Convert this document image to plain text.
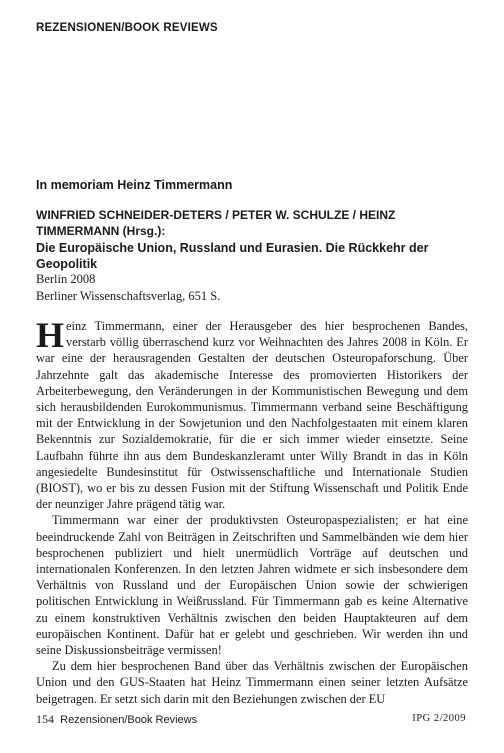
REZENSIONEN/BOOK REVIEWS
In memoriam Heinz Timmermann
WINFRIED SCHNEIDER-DETERS / PETER W. SCHULZE / HEINZ TIMMERMANN (Hrsg.):
Die Europäische Union, Russland und Eurasien. Die Rückkehr der Geopolitik
Berlin 2008
Berliner Wissenschaftsverlag, 651 S.

Heinz Timmermann, einer der Herausgeber des hier besprochenen Bandes, verstarb völlig überraschend kurz vor Weihnachten des Jahres 2008 in Köln. Er war eine der herausragenden Gestalten der deutschen Osteuropaforschung. Über Jahrzehnte galt das akademische Interesse des promovierten Historikers der Arbeiterbewegung, den Veränderungen in der Kommunistischen Bewegung und dem sich herausbildenden Eurokommunismus. Timmermann verband seine Beschäftigung mit der Entwicklung in der Sowjetunion und den Nachfolgestaaten mit einem klaren Bekenntnis zur Sozialdemokratie, für die er sich immer wieder einsetzte. Seine Laufbahn führte ihn aus dem Bundeskanzleramt unter Willy Brandt in das in Köln angesiedelte Bundesinstitut für Ostwissenschaftliche und Internationale Studien (BIOST), wo er bis zu dessen Fusion mit der Stiftung Wissenschaft und Politik Ende der neunziger Jahre prägend tätig war.

Timmermann war einer der produktivsten Osteuropaspezialisten; er hat eine beeindruckende Zahl von Beiträgen in Zeitschriften und Sammelbänden wie dem hier besprochenen publiziert und hielt unermüdlich Vorträge auf deutschen und internationalen Konferenzen. In den letzten Jahren widmete er sich insbesondere dem Verhältnis von Russland und der Europäischen Union sowie der schwierigen politischen Entwicklung in Weißrussland. Für Timmermann gab es keine Alternative zu einem konstruktiven Verhältnis zwischen den beiden Hauptakteuren auf dem europäischen Kontinent. Dafür hat er gelebt und geschrieben. Wir werden ihn und seine Diskussionsbeiträge vermissen!

Zu dem hier besprochenen Band über das Verhältnis zwischen der Europäischen Union und den GUS-Staaten hat Heinz Timmermann einen seiner letzten Aufsätze beigetragen. Er setzt sich darin mit den Beziehungen zwischen der EU

154 Rezensionen/Book Reviews	IPG 2/2009
